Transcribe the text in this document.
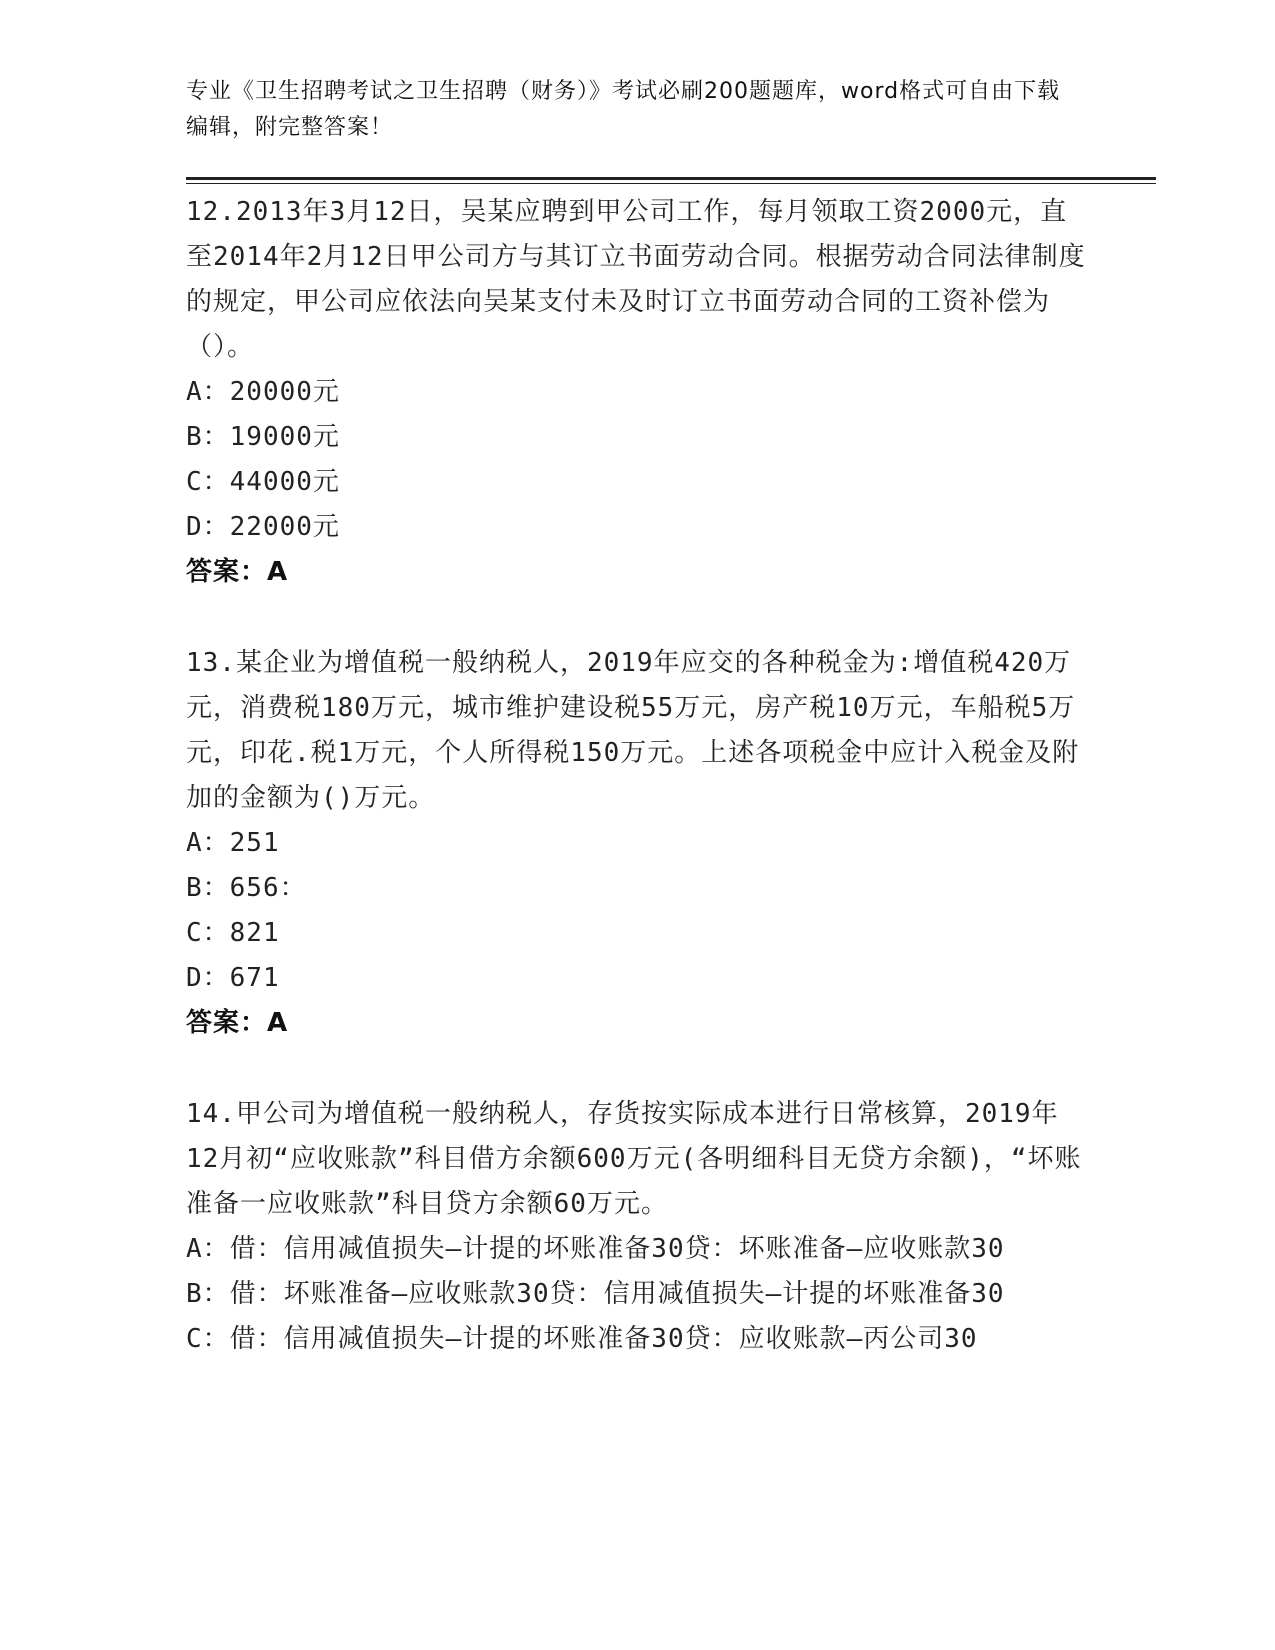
专业《卫生招聘考试之卫生招聘（财务）》考试必刷200题题库，word格式可自由下载编辑，附完整答案！

12.2013年3月12日，吴某应聘到甲公司工作，每月领取工资2000元，直至2014年2月12日甲公司方与其订立书面劳动合同。根据劳动合同法律制度的规定，甲公司应依法向吴某支付未及时订立书面劳动合同的工资补偿为（）。

A：20000元

B：19000元

C：44000元

D：22000元

答案：A

13.某企业为增值税一般纳税人，2019年应交的各种税金为:增值税420万元，消费税180万元，城市维护建设税55万元，房产税10万元，车船税5万元，印花.税1万元，个人所得税150万元。上述各项税金中应计入税金及附加的金额为()万元。

A：251

B：656：

C：821

D：671

答案：A

14.甲公司为增值税一般纳税人，存货按实际成本进行日常核算，2019年12月初“应收账款”科目借方余额600万元(各明细科目无贷方余额)，“坏账准备一应收账款”科目贷方余额60万元。

A：借：信用减值损失—计提的坏账准备30贷：坏账准备—应收账款30

B：借：坏账准备—应收账款30贷：信用减值损失—计提的坏账准备30

C：借：信用减值损失—计提的坏账准备30贷：应收账款—丙公司30
